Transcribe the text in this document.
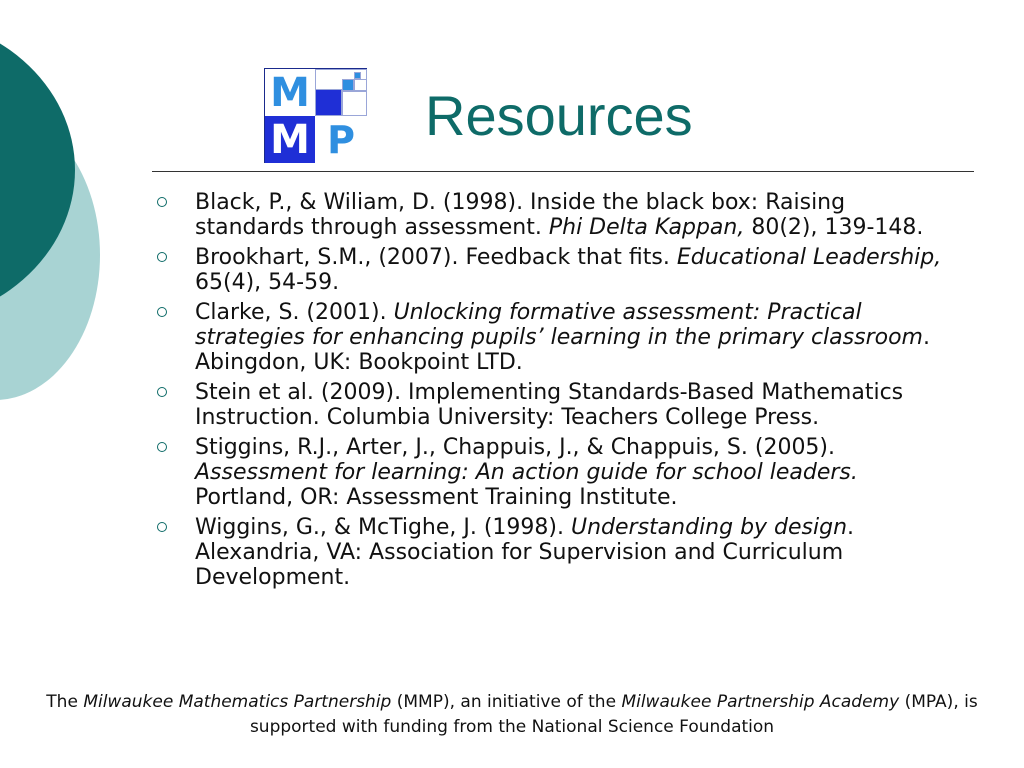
M
M P Resources
Black, P., & Wiliam, D. (1998). Inside the black box: Raising standards through assessment. Phi Delta Kappan, 80(2), 139-148.
Brookhart, S.M., (2007). Feedback that fits. Educational Leadership, 65(4), 54-59.
Clarke, S. (2001). Unlocking formative assessment: Practical strategies for enhancing pupils’ learning in the primary classroom. Abingdon, UK: Bookpoint LTD.
Stein et al. (2009). Implementing Standards-Based Mathematics Instruction. Columbia University: Teachers College Press.
Stiggins, R.J., Arter, J., Chappuis, J., & Chappuis, S. (2005). Assessment for learning: An action guide for school leaders. Portland, OR: Assessment Training Institute.
Wiggins, G., & McTighe, J. (1998). Understanding by design. Alexandria, VA: Association for Supervision and Curriculum Development.
The Milwaukee Mathematics Partnership (MMP), an initiative of the Milwaukee Partnership Academy (MPA), is supported with funding from the National Science Foundation
